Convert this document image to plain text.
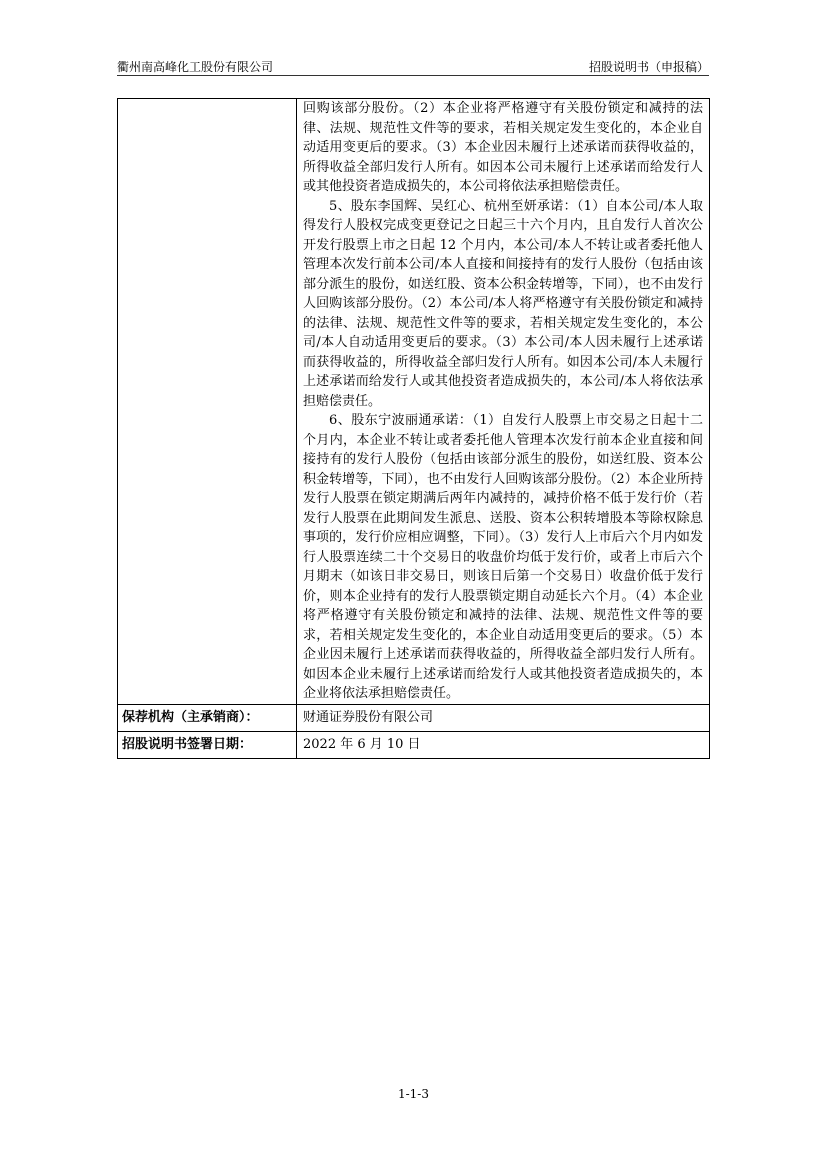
衢州南高峰化工股份有限公司	招股说明书（申报稿）

	回购该部分股份。（2）本企业将严格遵守有关股份锁定和减持的法律、法规、规范性文件等的要求，若相关规定发生变化的，本企业自动适用变更后的要求。（3）本企业因未履行上述承诺而获得收益的，所得收益全部归发行人所有。如因本公司未履行上述承诺而给发行人或其他投资者造成损失的，本公司将依法承担赔偿责任。

5、股东李国辉、吴红心、杭州至妍承诺：（1）自本公司/本人取得发行人股权完成变更登记之日起三十六个月内，且自发行人首次公开发行股票上市之日起 12 个月内，本公司/本人不转让或者委托他人管理本次发行前本公司/本人直接和间接持有的发行人股份（包括由该部分派生的股份，如送红股、资本公积金转增等，下同），也不由发行人回购该部分股份。（2）本公司/本人将严格遵守有关股份锁定和减持的法律、法规、规范性文件等的要求，若相关规定发生变化的，本公司/本人自动适用变更后的要求。（3）本公司/本人因未履行上述承诺而获得收益的，所得收益全部归发行人所有。如因本公司/本人未履行上述承诺而给发行人或其他投资者造成损失的，本公司/本人将依法承担赔偿责任。

6、股东宁波丽通承诺：（1）自发行人股票上市交易之日起十二个月内，本企业不转让或者委托他人管理本次发行前本企业直接和间接持有的发行人股份（包括由该部分派生的股份，如送红股、资本公积金转增等，下同），也不由发行人回购该部分股份。（2）本企业所持发行人股票在锁定期满后两年内减持的，减持价格不低于发行价（若发行人股票在此期间发生派息、送股、资本公积转增股本等除权除息事项的，发行价应相应调整，下同）。（3）发行人上市后六个月内如发行人股票连续二十个交易日的收盘价均低于发行价，或者上市后六个月期末（如该日非交易日，则该日后第一个交易日）收盘价低于发行价，则本企业持有的发行人股票锁定期自动延长六个月。（4）本企业将严格遵守有关股份锁定和减持的法律、法规、规范性文件等的要求，若相关规定发生变化的，本企业自动适用变更后的要求。（5）本企业因未履行上述承诺而获得收益的，所得收益全部归发行人所有。如因本企业未履行上述承诺而给发行人或其他投资者造成损失的，本企业将依法承担赔偿责任。

保荐机构（主承销商）：	财通证券股份有限公司
招股说明书签署日期：	2022 年 6 月 10 日
1-1-3
